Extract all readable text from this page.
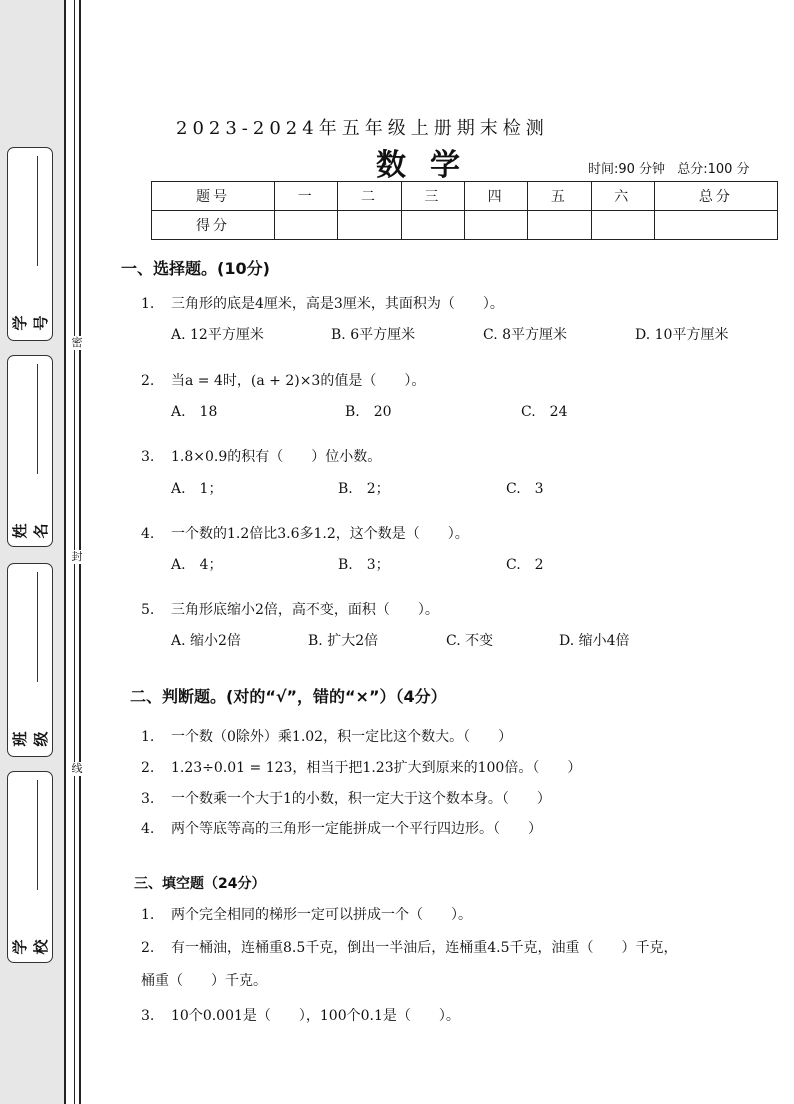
密
封
线
学 号
姓 名
班 级
学 校
2023-2024年五年级上册期末检测
数学	时间:90 分钟 总分:100 分
题号	一	二	三	四	五	六	总分
得分							
一、选择题。(10分)
1. 三角形的底是4厘米，高是3厘米，其面积为（　　）。
A. 12平方厘米	B. 6平方厘米	C. 8平方厘米	D. 10平方厘米
2. 当a = 4时，(a + 2)×3的值是（　　）。
A.　18	B.　20	C.　24
3. 1.8×0.9的积有（　　）位小数。
A.　1；	B.　2；	C.　3
4. 一个数的1.2倍比3.6多1.2，这个数是（　　）。
A.　4；	B.　3；	C.　2
5. 三角形底缩小2倍，高不变，面积（　　）。
A. 缩小2倍	B. 扩大2倍	C. 不变	D. 缩小4倍
二、判断题。(对的“√”，错的“×”）（4分）
1. 一个数（0除外）乘1.02，积一定比这个数大。（　　）
2. 1.23÷0.01 = 123，相当于把1.23扩大到原来的100倍。（　　）
3. 一个数乘一个大于1的小数，积一定大于这个数本身。（　　）
4. 两个等底等高的三角形一定能拼成一个平行四边形。（　　）
三、填空题（24分）
1. 两个完全相同的梯形一定可以拼成一个（　　）。
2. 有一桶油，连桶重8.5千克，倒出一半油后，连桶重4.5千克，油重（　　）千克，
桶重（　　）千克。
3. 10个0.001是（　　），100个0.1是（　　）。
